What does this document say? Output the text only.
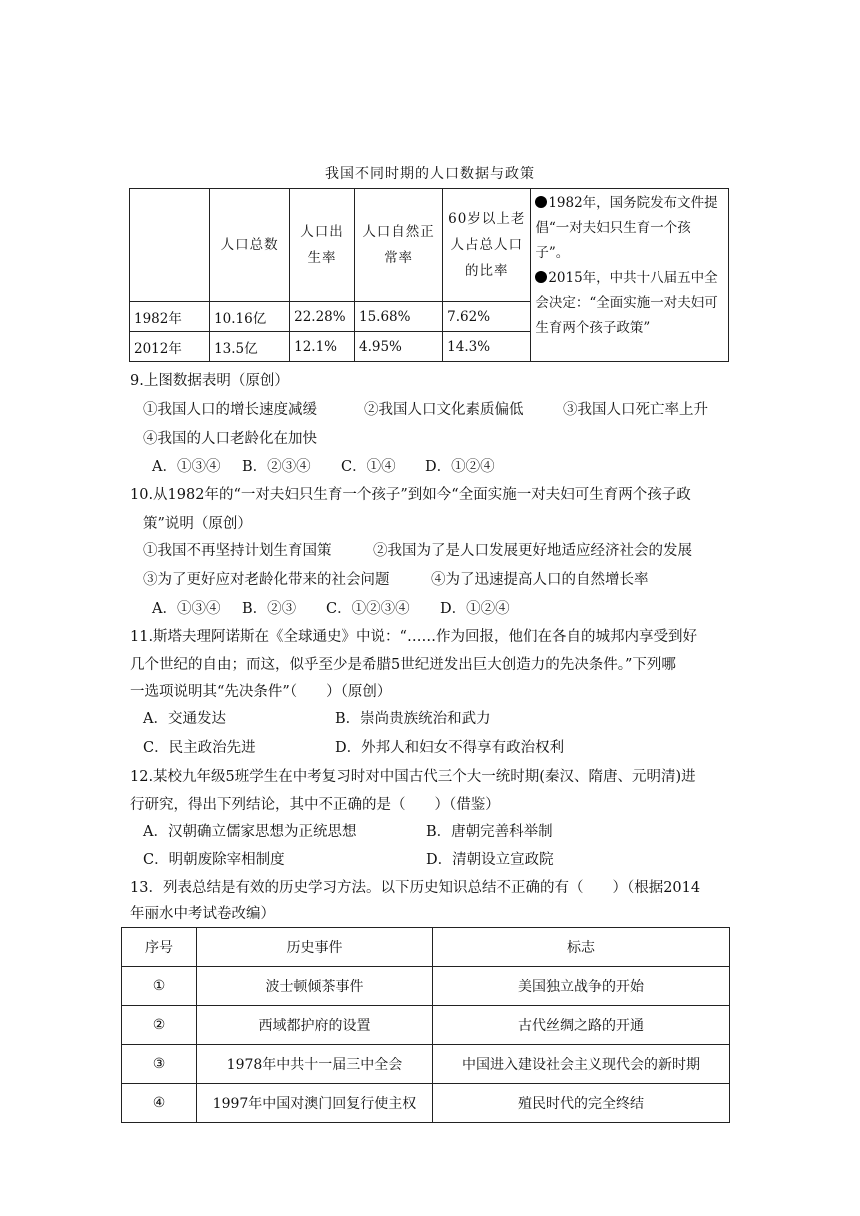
我国不同时期的人口数据与政策
	人口总数	人口出生率	人口自然正常率	60岁以上老人占总人口的比率	1982年，国务院发布文件提倡“一对夫妇只生育一个孩子”。
2015年，中共十八届五中全会决定：“全面实施一对夫妇可生育两个孩子政策”

1982年	10.16亿	22.28%	15.68%	7.62%	
2012年	13.5亿	12.1%	4.95%	14.3%	
9.上图数据表明（原创）
①我国人口的增长速度减缓	②我国人口文化素质偏低	③我国人口死亡率上升
④我国的人口老龄化在加快
A．①③④ B．②③④ C．①④ D．①②④
10.从1982年的“一对夫妇只生育一个孩子”到如今“全面实施一对夫妇可生育两个孩子政
策”说明（原创）
①我国不再坚持计划生育国策	②我国为了是人口发展更好地适应经济社会的发展
③为了更好应对老龄化带来的社会问题	④为了迅速提高人口的自然增长率
A．①③④ B．②③ C．①②③④ D．①②④
11.斯塔夫理阿诺斯在《全球通史》中说：“……作为回报，他们在各自的城邦内享受到好
几个世纪的自由；而这，似乎至少是希腊5世纪迸发出巨大创造力的先决条件。”下列哪
一选项说明其“先决条件”（　　）（原创）
A．交通发达	B．崇尚贵族统治和武力
C．民主政治先进	D．外邦人和妇女不得享有政治权利
12.某校九年级5班学生在中考复习时对中国古代三个大一统时期(秦汉、隋唐、元明清)进
行研究，得出下列结论，其中不正确的是（　　）（借鉴）
A．汉朝确立儒家思想为正统思想	B．唐朝完善科举制
C．明朝废除宰相制度	D．清朝设立宣政院
13．列表总结是有效的历史学习方法。以下历史知识总结不正确的有（　　）（根据2014
年丽水中考试卷改编）
序号	历史事件	标志
①	波士顿倾茶事件	美国独立战争的开始
②	西域都护府的设置	古代丝绸之路的开通
③	1978年中共十一届三中全会	中国进入建设社会主义现代会的新时期
④	1997年中国对澳门回复行使主权	殖民时代的完全终结
